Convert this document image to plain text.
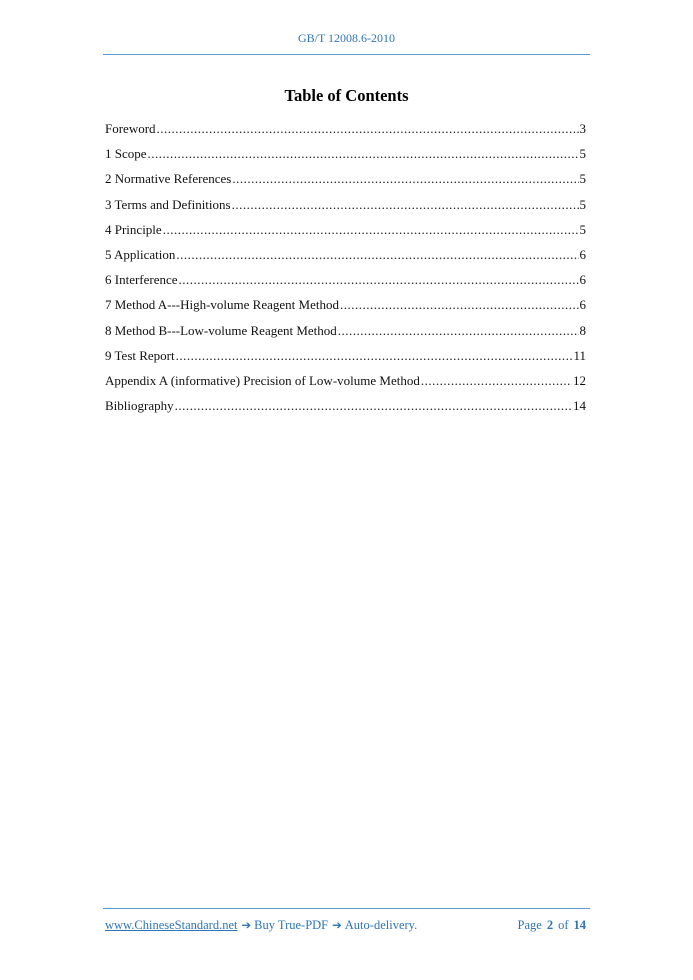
GB/T 12008.6-2010
Table of Contents
Foreword .....	3
1 Scope .....	5
2 Normative References .....	5
3 Terms and Definitions .....	5
4 Principle .....	5
5 Application .....	6
6 Interference .....	6
7 Method A---High-volume Reagent Method .....	6
8 Method B---Low-volume Reagent Method .....	8
9 Test Report .....	11
Appendix A (informative) Precision of Low-volume Method .....	12
Bibliography .....	14
www.ChineseStandard.net ➔ Buy True-PDF ➔ Auto-delivery.	Page 2 of 14
